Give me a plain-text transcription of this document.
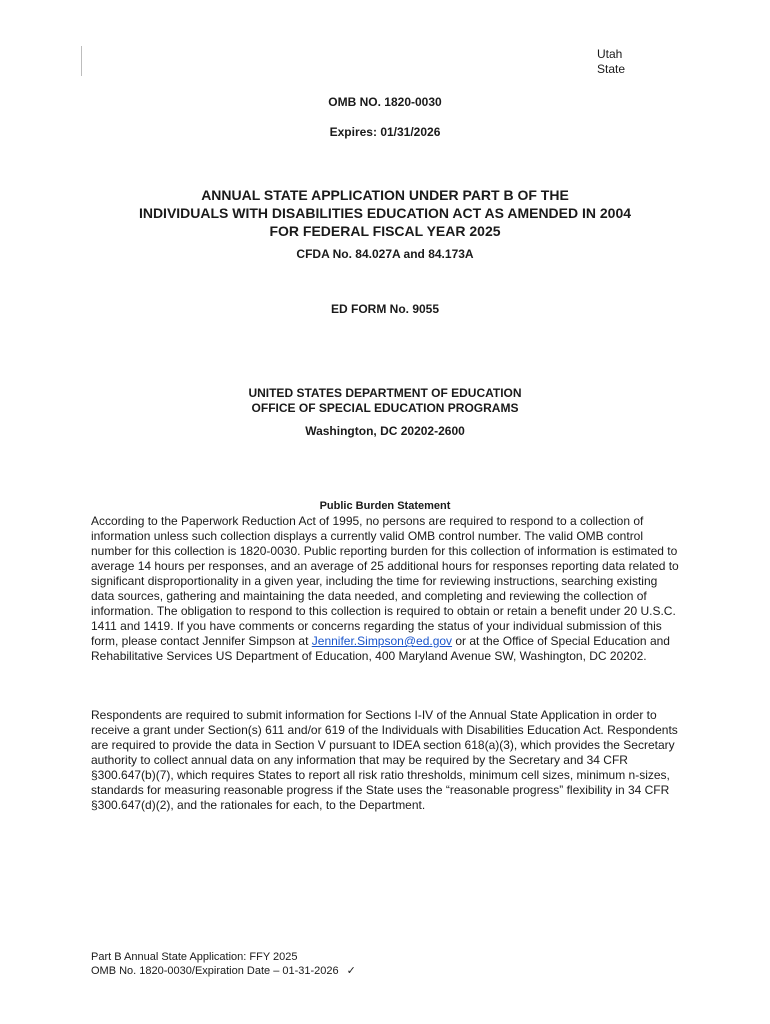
Utah
State
OMB NO. 1820-0030
Expires: 01/31/2026
ANNUAL STATE APPLICATION UNDER PART B OF THE
INDIVIDUALS WITH DISABILITIES EDUCATION ACT AS AMENDED IN 2004
FOR FEDERAL FISCAL YEAR 2025
CFDA No. 84.027A and 84.173A
ED FORM No. 9055
UNITED STATES DEPARTMENT OF EDUCATION
OFFICE OF SPECIAL EDUCATION PROGRAMS
Washington, DC 20202-2600
Public Burden Statement

According to the Paperwork Reduction Act of 1995, no persons are required to respond to a collection of information unless such collection displays a currently valid OMB control number. The valid OMB control number for this collection is 1820-0030. Public reporting burden for this collection of information is estimated to average 14 hours per responses, and an average of 25 additional hours for responses reporting data related to significant disproportionality in a given year, including the time for reviewing instructions, searching existing data sources, gathering and maintaining the data needed, and completing and reviewing the collection of information. The obligation to respond to this collection is required to obtain or retain a benefit under 20 U.S.C. 1411 and 1419. If you have comments or concerns regarding the status of your individual submission of this form, please contact Jennifer Simpson at Jennifer.Simpson@ed.gov or at the Office of Special Education and Rehabilitative Services US Department of Education, 400 Maryland Avenue SW, Washington, DC 20202.

Respondents are required to submit information for Sections I-IV of the Annual State Application in order to receive a grant under Section(s) 611 and/or 619 of the Individuals with Disabilities Education Act. Respondents are required to provide the data in Section V pursuant to IDEA section 618(a)(3), which provides the Secretary authority to collect annual data on any information that may be required by the Secretary and 34 CFR §300.647(b)(7), which requires States to report all risk ratio thresholds, minimum cell sizes, minimum n-sizes, standards for measuring reasonable progress if the State uses the “reasonable progress” flexibility in 34 CFR §300.647(d)(2), and the rationales for each, to the Department.

Part B Annual State Application: FFY 2025
OMB No. 1820-0030/Expiration Date – 01-31-2026 ✓
